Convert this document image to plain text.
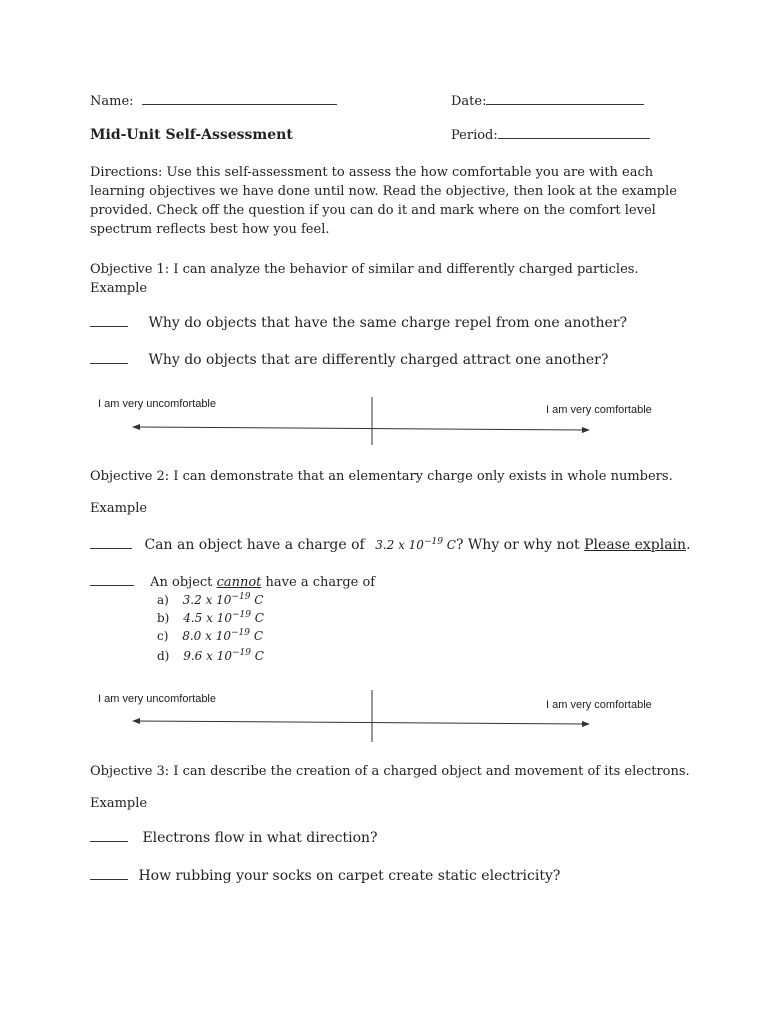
Name:	Date:
Mid-Unit Self-Assessment	Period:
Directions: Use this self-assessment to assess the how comfortable you are with each learning objectives we have done until now. Read the objective, then look at the example provided. Check off the question if you can do it and mark where on the comfort level spectrum reflects best how you feel.
Objective 1: I can analyze the behavior of similar and differently charged particles.
Example
Why do objects that have the same charge repel from one another?
Why do objects that are differently charged attract one another?
I am very uncomfortable	I am very comfortable
Objective 2: I can demonstrate that an elementary charge only exists in whole numbers.
Example
Can an object have a charge of 3.2 x $10^{-19}$ C? Why or why not Please explain.
An object cannot have a charge of
a) 3.2 x $10^{-19}$ C
b) 4.5 x $10^{-19}$ C
c) 8.0 x $10^{-19}$ C
d) 9.6 x $10^{-19}$ C
I am very uncomfortable	I am very comfortable
Objective 3: I can describe the creation of a charged object and movement of its electrons.
Example
Electrons flow in what direction?
How rubbing your socks on carpet create static electricity?
